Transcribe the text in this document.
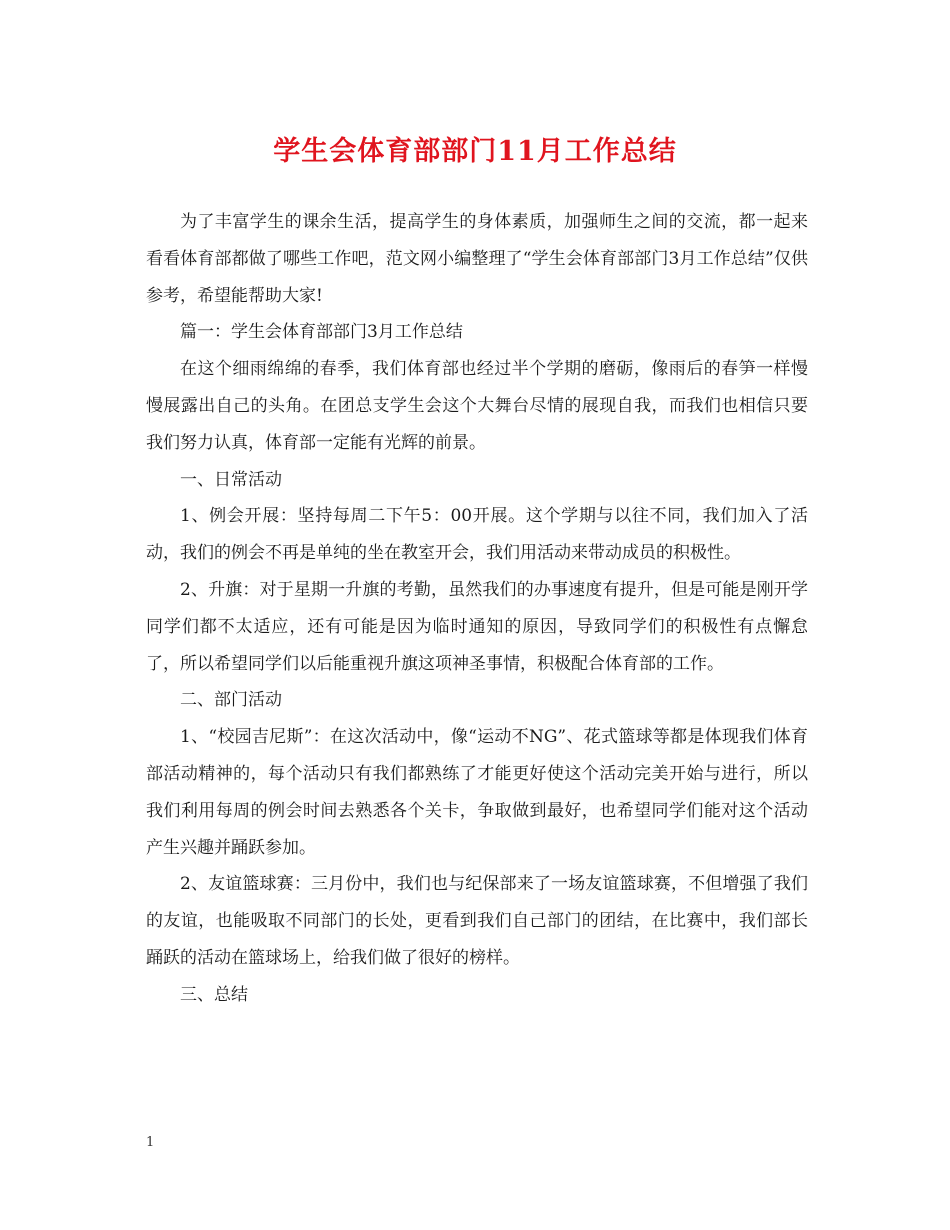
学生会体育部部门11月工作总结

为了丰富学生的课余生活，提高学生的身体素质，加强师生之间的交流，都一起来看看体育部都做了哪些工作吧，范文网小编整理了“学生会体育部部门3月工作总结”仅供参考，希望能帮助大家!

篇一：学生会体育部部门3月工作总结

在这个细雨绵绵的春季，我们体育部也经过半个学期的磨砺，像雨后的春笋一样慢慢展露出自己的头角。在团总支学生会这个大舞台尽情的展现自我，而我们也相信只要我们努力认真，体育部一定能有光辉的前景。

一、日常活动

1、例会开展：坚持每周二下午5：00开展。这个学期与以往不同，我们加入了活动，我们的例会不再是单纯的坐在教室开会，我们用活动来带动成员的积极性。

2、升旗：对于星期一升旗的考勤，虽然我们的办事速度有提升，但是可能是刚开学同学们都不太适应，还有可能是因为临时通知的原因，导致同学们的积极性有点懈怠了，所以希望同学们以后能重视升旗这项神圣事情，积极配合体育部的工作。

二、部门活动

1、“校园吉尼斯”：在这次活动中，像“运动不NG”、花式篮球等都是体现我们体育部活动精神的，每个活动只有我们都熟练了才能更好使这个活动完美开始与进行，所以我们利用每周的例会时间去熟悉各个关卡，争取做到最好，也希望同学们能对这个活动产生兴趣并踊跃参加。

2、友谊篮球赛：三月份中，我们也与纪保部来了一场友谊篮球赛，不但增强了我们的友谊，也能吸取不同部门的长处，更看到我们自己部门的团结，在比赛中，我们部长踊跃的活动在篮球场上，给我们做了很好的榜样。

三、总结

1
